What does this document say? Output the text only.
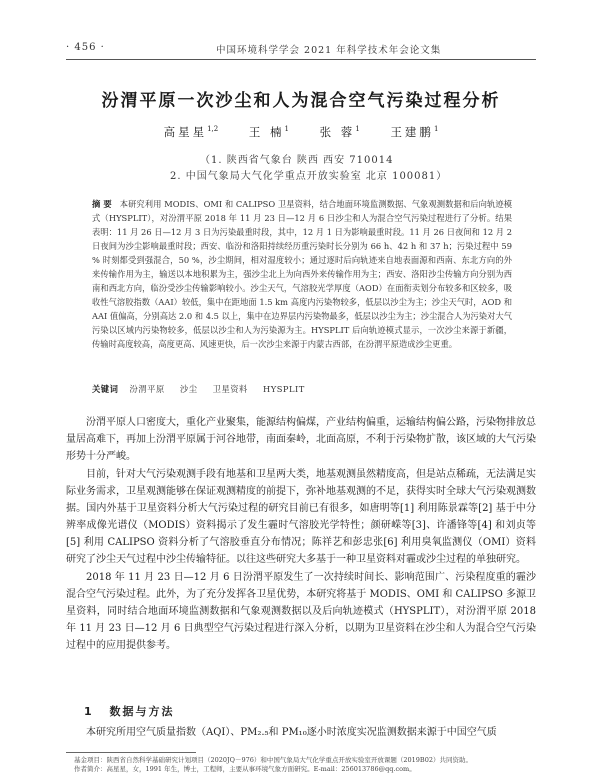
· 456 ·	中国环境科学学会 2021 年科学技术年会论文集
汾渭平原一次沙尘和人为混合空气污染过程分析
高星星$^{1,2}$	王 楠$^1$	张 蓉$^1$	王建鹏$^1$
（1. 陕西省气象台 陕西 西安 710014
2. 中国气象局大气化学重点开放实验室 北京 100081）
摘 要 本研究利用 MODIS、OMI 和 CALIPSO 卫星资料，结合地面环境监测数据、气象观测数据和后向轨迹模式（HYSPLIT），对汾渭平原 2018 年 11 月 23 日—12 月 6 日沙尘和人为混合空气污染过程进行了分析。结果表明：11 月 26 日—12 月 3 日为污染最重时段，其中，12 月 1 日为影响最重时段。11 月 26 日夜间和 12 月 2 日夜间为沙尘影响最重时段；西安、临汾和洛阳持续经历重污染时长分别为 66 h、42 h 和 37 h；污染过程中 59 % 时刻都受到强混合，50 %，沙尘期间，相对湿度较小；通过逐时后向轨迹来自地表面源和西南、东北方向的外来传输作用为主，输送以本地积累为主，强沙尘北上为向西外来传输作用为主；西安、洛阳沙尘传输方向分别为西南和西北方向，临汾受沙尘传输影响较小。沙尘天气，气溶胶光学厚度（AOD）在面衔卖划分布较多和区较多，吸收性气溶胶指数（AAI）较低，集中在距地面 1.5 km 高度内污染物较多，低层以沙尘为主；沙尘天气时，AOD 和 AAI 值偏高，分别高达 2.0 和 4.5 以上，集中在边界层内污染物最多，低层以沙尘为主；沙尘混合人为污染对大气污染以区域内污染物较多，低层以沙尘和人为污染源为主。HYSPLIT 后向轨迹模式显示，一次沙尘来源于新疆，传输时高度较高，高度更高、风速更快，后一次沙尘来源于内蒙古西部，在汾渭平原造成沙尘更重。
关键词 汾渭平原 沙尘 卫星资料 HYSPLIT

汾渭平原人口密度大，重化产业聚集，能源结构偏煤，产业结构偏重，运输结构偏公路，污染物排放总量居高难下，再加上汾渭平原属于河谷地带，南面秦岭，北面高原，不利于污染物扩散，该区域的大气污染形势十分严峻。

目前，针对大气污染观测手段有地基和卫星两大类，地基观测虽然精度高，但是站点稀疏，无法满足实际业务需求，卫星观测能够在保证观测精度的前提下，弥补地基观测的不足，获得实时全球大气污染观测数据。国内外基于卫星资料分析大气污染过程的研究目前已有很多，如唐明等[1] 利用陈景霖等[2] 基于中分辨率成像光谱仪（MODIS）资料揭示了发生霾时气溶胶光学特性；颜研嵘等[3]、许潘锋等[4] 和刘贞等[5] 利用 CALIPSO 资料分析了气溶胶垂直分布情况；陈祥艺和彭忠张[6] 利用臭氧监测仪（OMI）资料研究了沙尘天气过程中沙尘传输特征。以往这些研究大多基于一种卫星资料对霾或沙尘过程的单独研究。

2018 年 11 月 23 日—12 月 6 日汾渭平原发生了一次持续时间长、影响范围广、污染程度重的霾沙混合空气污染过程。此外，为了充分发挥各卫星优势，本研究将基于 MODIS、OMI 和 CALIPSO 多源卫星资料，同时结合地面环境监测数据和气象观测数据以及后向轨迹模式（HYSPLIT），对汾渭平原 2018 年 11 月 23 日—12 月 6 日典型空气污染过程进行深入分析，以期为卫星资料在沙尘和人为混合空气污染过程中的应用提供参考。

1 数据与方法
本研究所用空气质量指数（AQI）、PM₂.₅和 PM₁₀逐小时浓度实况监测数据来源于中国空气质
基金项目：陕西省自然科学基础研究计划项目（2020JQ－976）和中国气象局大气化学重点开放实验室开放课题（2019B02）共同资助。
作者简介：高星星，女，1991 年生，博士，工程师，主要从事环境气象方面研究。E-mail：256013786@qq.com。
